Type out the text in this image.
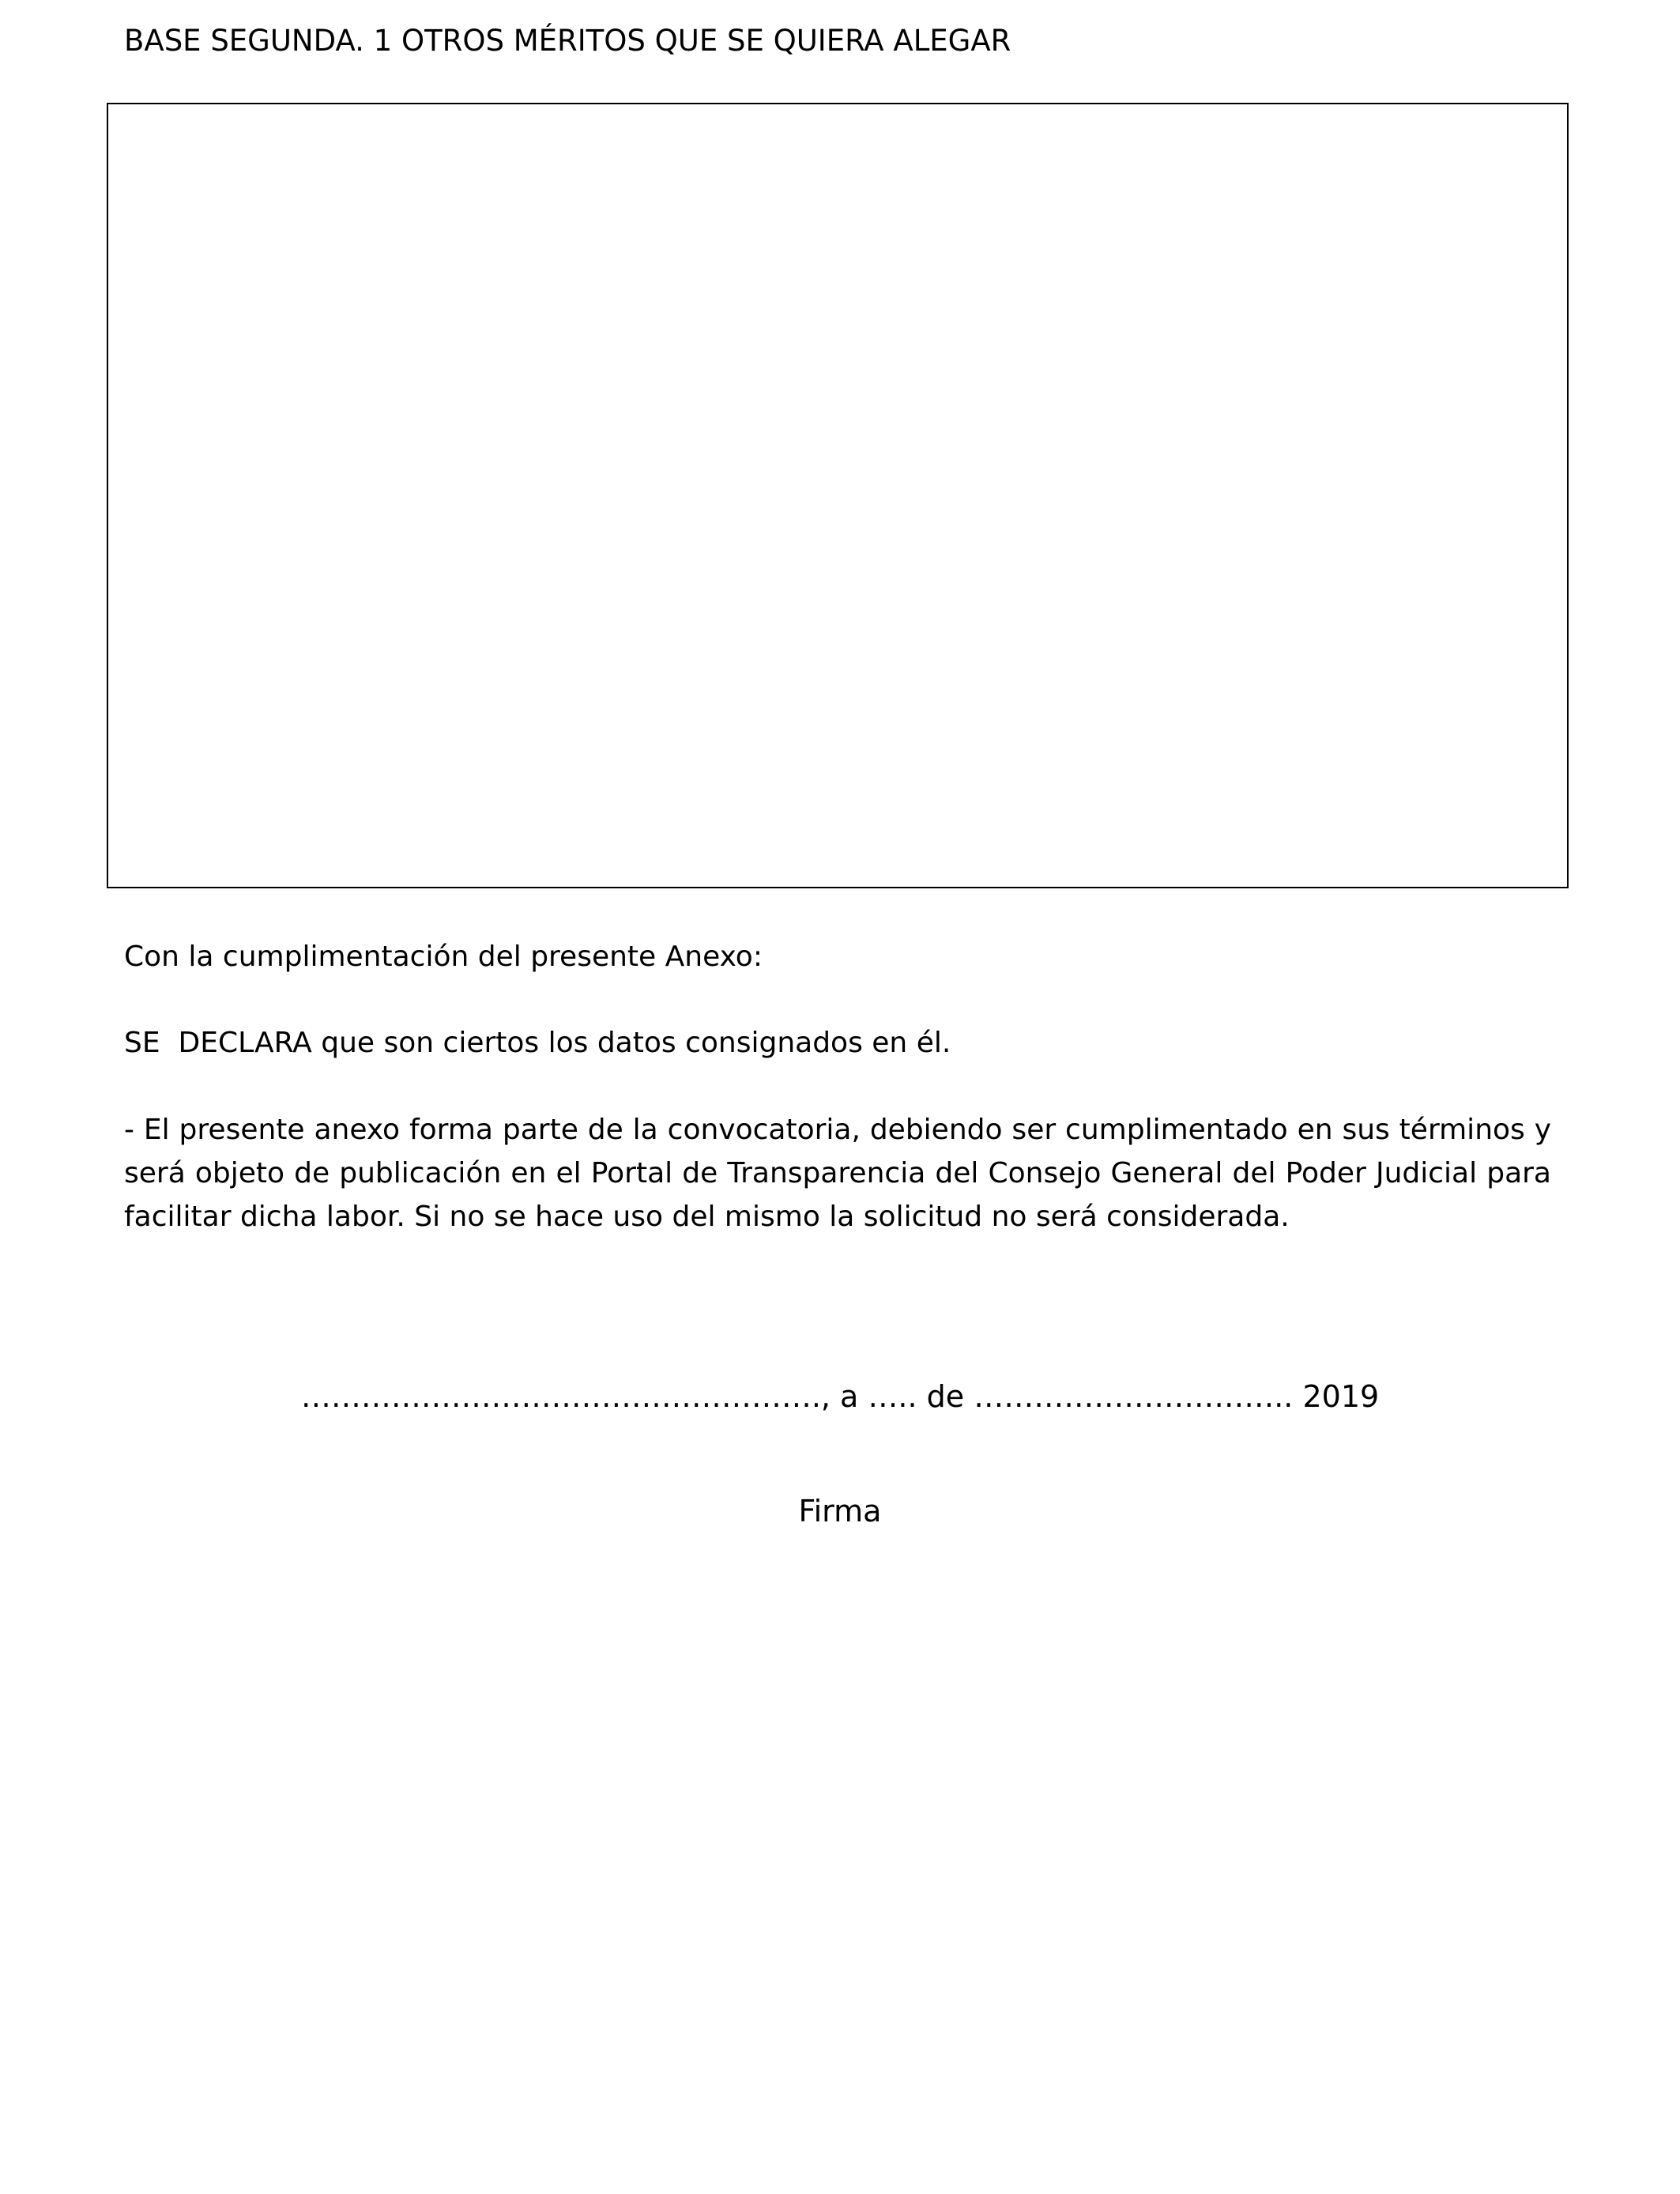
BASE SEGUNDA. 1 OTROS MÉRITOS QUE SE QUIERA ALEGAR
Con la cumplimentación del presente Anexo:
SE  DECLARA que son ciertos los datos consignados en él.
- El presente anexo forma parte de la convocatoria, debiendo ser cumplimentado en sus términos y será objeto de publicación en el Portal de Transparencia del Consejo General del Poder Judicial para facilitar dicha labor. Si no se hace uso del mismo la solicitud no será considerada.
……………………………………………., a ….. de ………………………….. 2019
Firma
